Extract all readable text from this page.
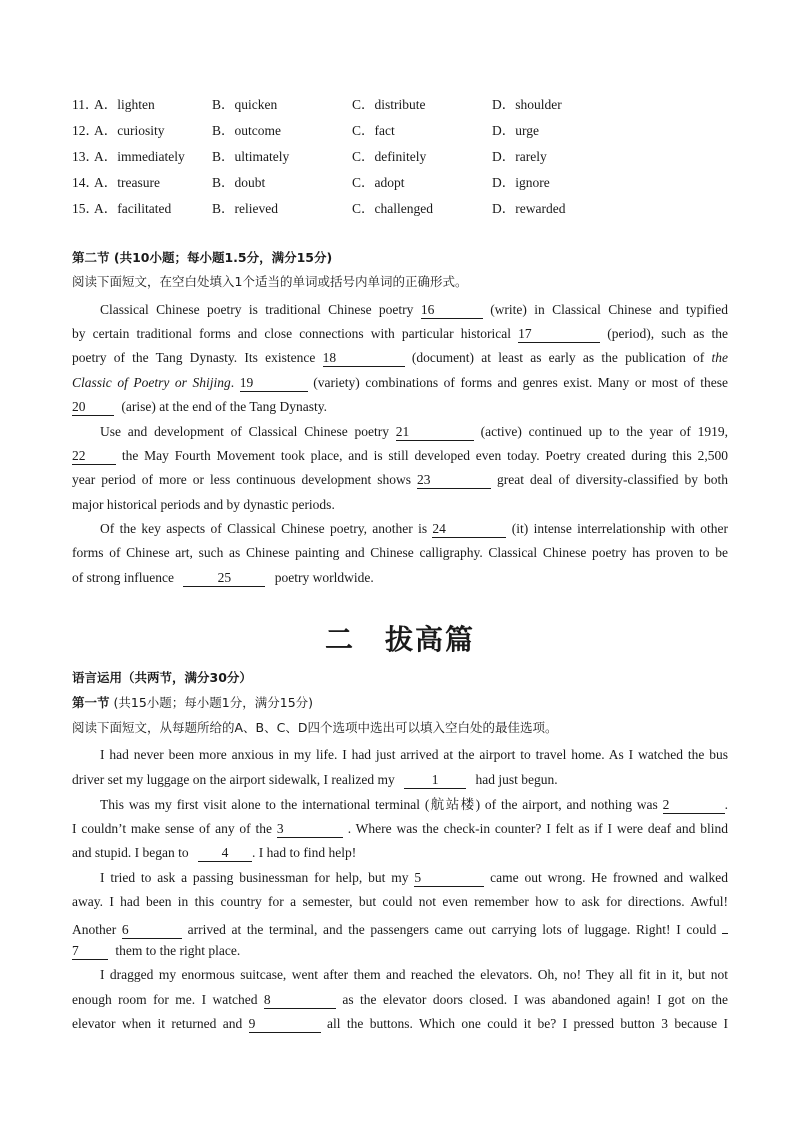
11．
A．lighten	B．quicken	C．distribute	D．shoulder
12．
A．curiosity	B．outcome	C．fact	D．urge
13．
A．immediately B．ultimately	C．definitely	D．rarely
14．
A．treasure	B．doubt	C．adopt	D．ignore
15．
A．facilitated	B．relieved	C．challenged	D．rewarded
第二节 (共10小题；每小题1.5分，满分15分)
阅读下面短文，在空白处填入1个适当的单词或括号内单词的正确形式。
Classical Chinese poetry is traditional Chinese poetry 16	(write) in Classical Chinese and typified
by certain traditional forms and close connections with particular historical 17	(period), such as the
poetry of the Tang Dynasty. Its existence 18	(document) at least as early as the publication of the
Classic of Poetry or Shijing. 19	(variety) combinations of forms and genres exist. Many or most of these
20	(arise) at the end of the Tang Dynasty.
Use and development of Classical Chinese poetry 21	(active) continued up to the year of 1919,
22	the May Fourth Movement took place, and is still developed even today. Poetry created during this 2,500
year period of more or less continuous development shows 23	great deal of diversity-classified by both
major historical periods and by dynastic periods.
Of the key aspects of Classical Chinese poetry, another is 24	(it) intense interrelationship with other
forms of Chinese art, such as Chinese painting and Chinese calligraphy. Classical Chinese poetry has proven to be
of strong influence	25	poetry worldwide.
二　拔高篇
语言运用（共两节，满分30分）
第一节 (共15小题；每小题1分，满分15分)
阅读下面短文，从每题所给的A、B、C、D四个选项中选出可以填入空白处的最佳选项。
I had never been more anxious in my life. I had just arrived at the airport to travel home. As I watched the bus
driver set my luggage on the airport sidewalk, I realized my	1	had just begun.
This was my first visit alone to the international terminal (航站楼) of the airport, and nothing was 2	.
I couldn’t make sense of any of the 3	. Where was the check-in counter? I felt as if I were deaf and blind
and stupid. I began to 4 . I had to find help!
I tried to ask a passing businessman for help, but my 5	came out wrong. He frowned and walked
away. I had been in this country for a semester, but could not even remember how to ask for directions. Awful!
Another 6	arrived at the terminal, and the passengers came out carrying lots of luggage. Right! I could
7	them to the right place.
I dragged my enormous suitcase, went after them and reached the elevators. Oh, no! They all fit in it, but not
enough room for me. I watched 8	as the elevator doors closed. I was abandoned again! I got on the
elevator when it returned and 9	all the buttons. Which one could it be? I pressed button 3 because I
